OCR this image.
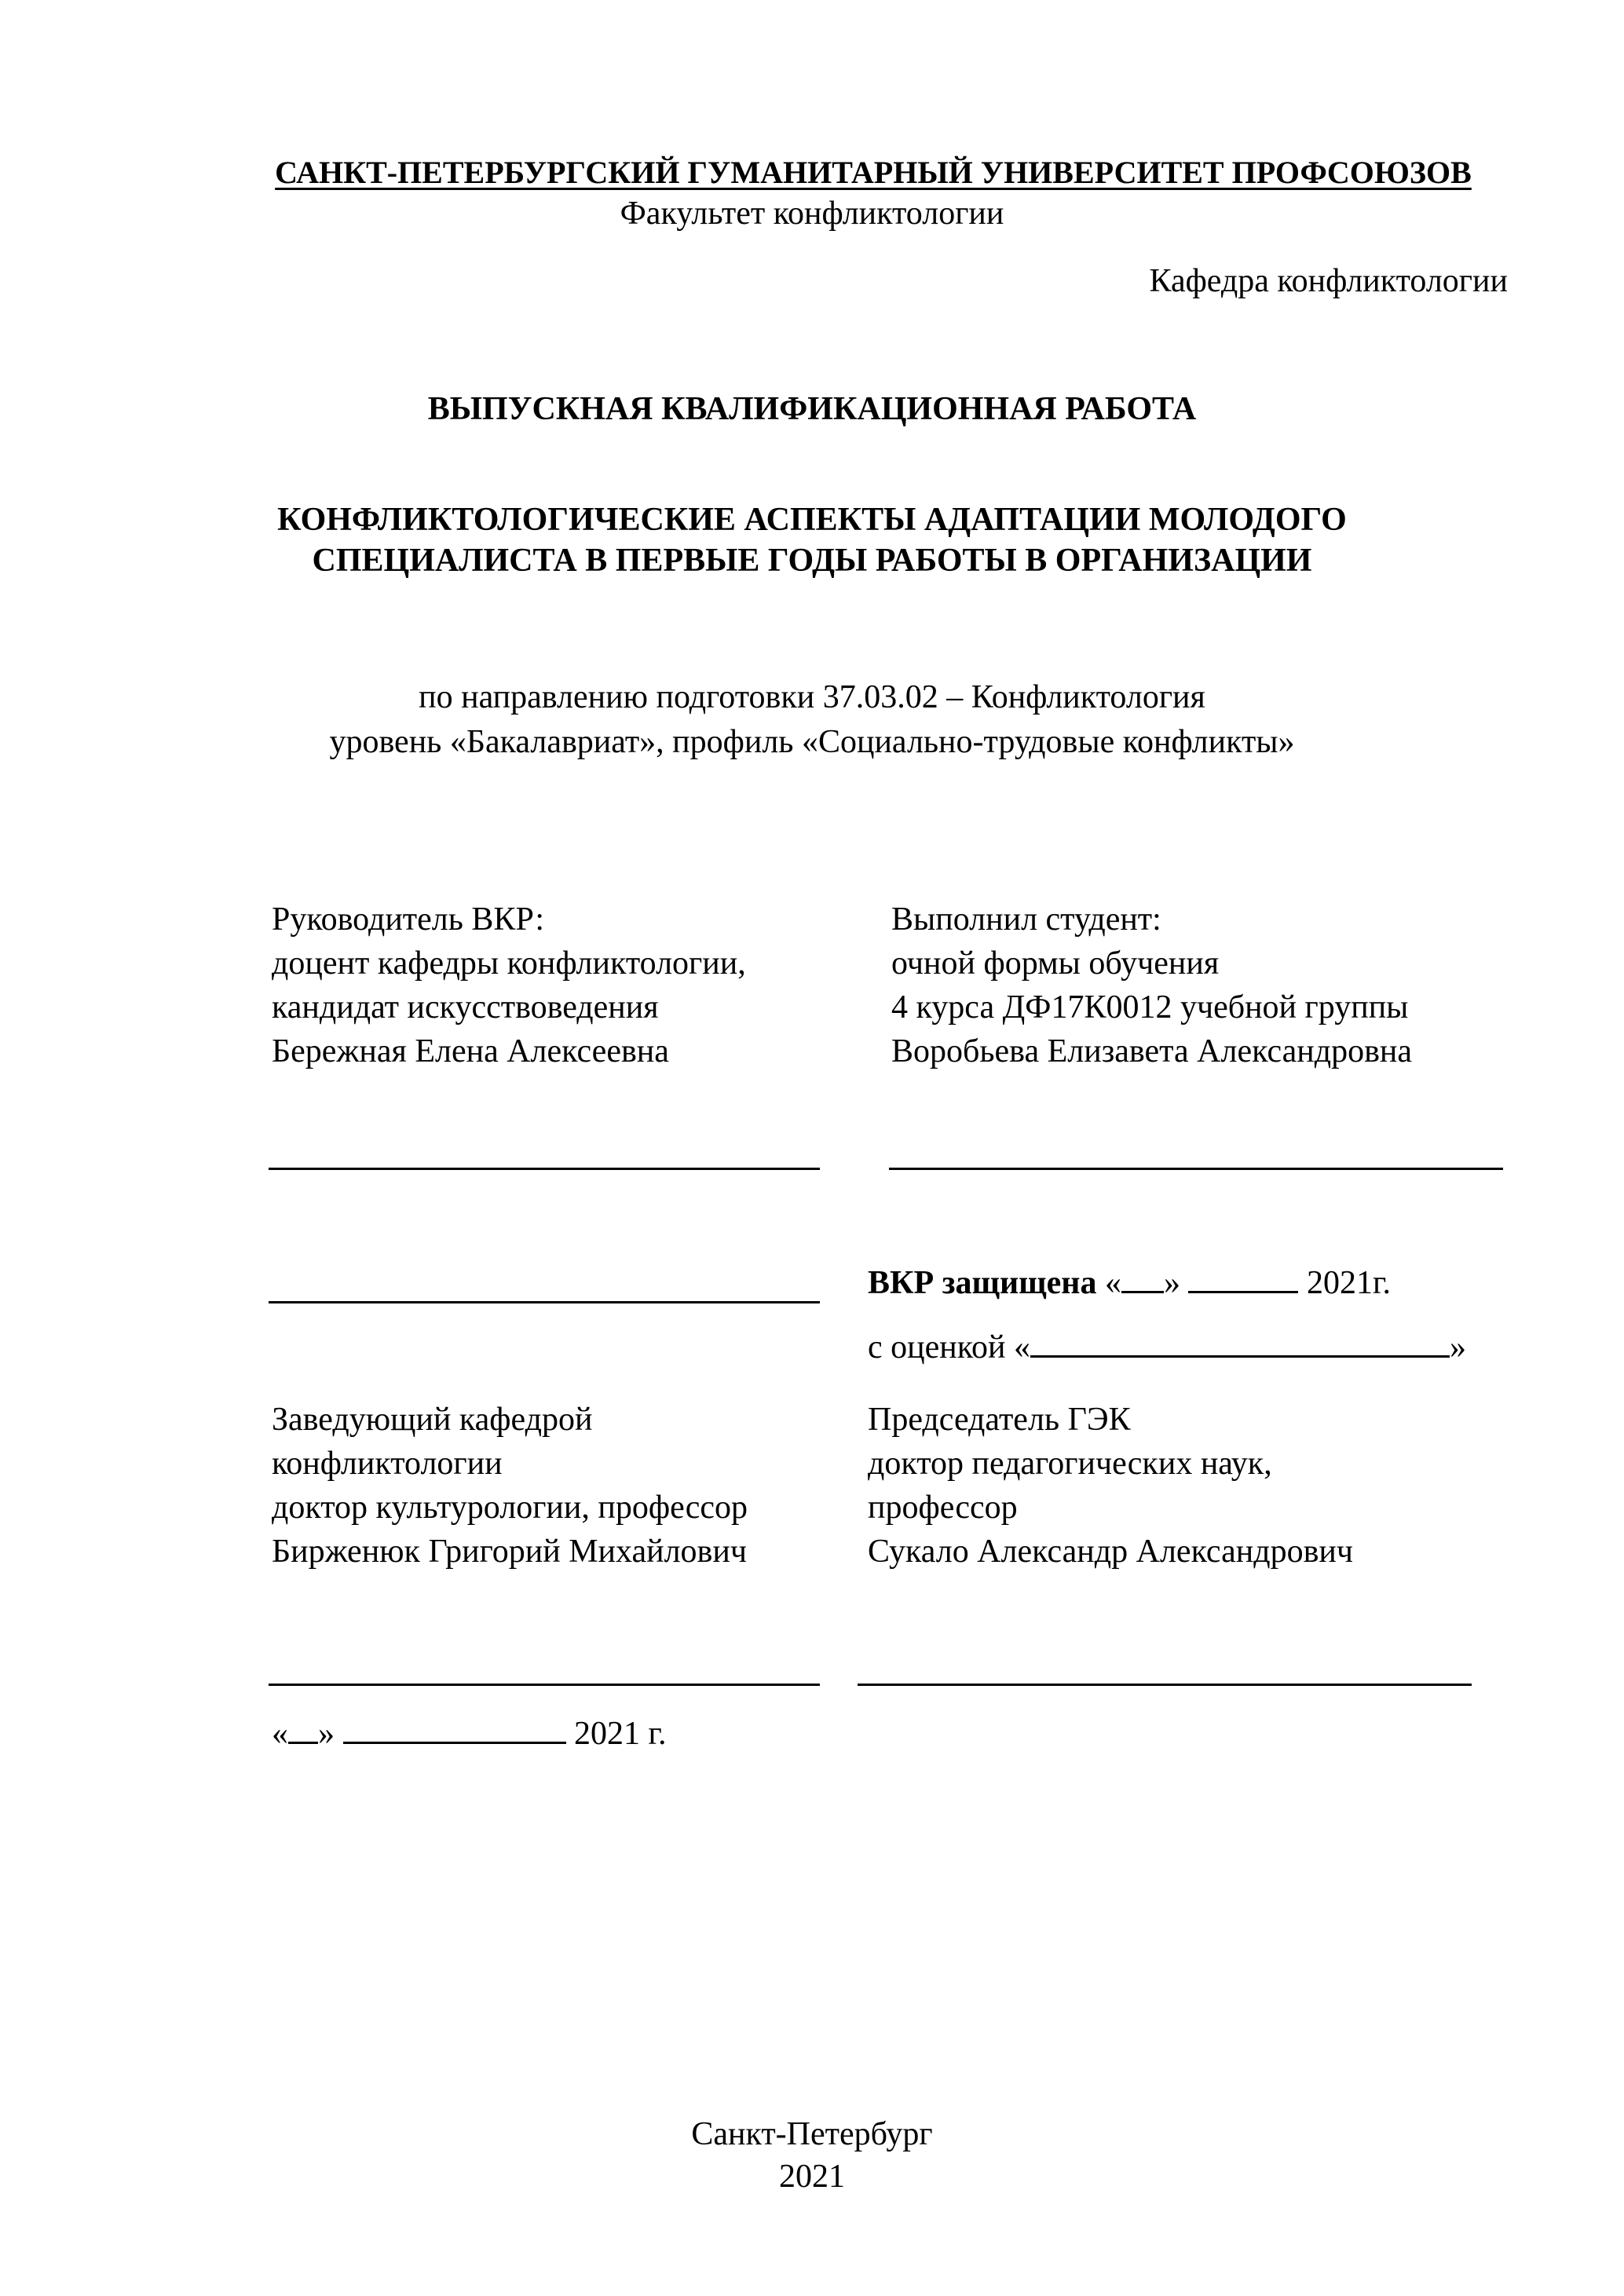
САНКТ-ПЕТЕРБУРГСКИЙ ГУМАНИТАРНЫЙ УНИВЕРСИТЕТ ПРОФСОЮЗОВ
Факультет конфликтологии
Кафедра конфликтологии
ВЫПУСКНАЯ КВАЛИФИКАЦИОННАЯ РАБОТА
КОНФЛИКТОЛОГИЧЕСКИЕ АСПЕКТЫ АДАПТАЦИИ МОЛОДОГО
СПЕЦИАЛИСТА В ПЕРВЫЕ ГОДЫ РАБОТЫ В ОРГАНИЗАЦИИ
по направлению подготовки 37.03.02 – Конфликтология
уровень «Бакалавриат», профиль «Социально-трудовые конфликты»
Руководитель ВКР:
доцент кафедры конфликтологии,
кандидат искусствоведения
Бережная Елена Алексеевна
Выполнил студент:
очной формы обучения
4 курса ДФ17К0012 учебной группы
Воробьева Елизавета Александровна
ВКР защищена « »	2021г.
с оценкой «	»
Заведующий кафедрой
конфликтологии
доктор культурологии, профессор
Бирженюк Григорий Михайлович
Председатель ГЭК
доктор педагогических наук,
профессор
Сукало Александр Александрович
« »	2021 г.
Санкт-Петербург
2021
